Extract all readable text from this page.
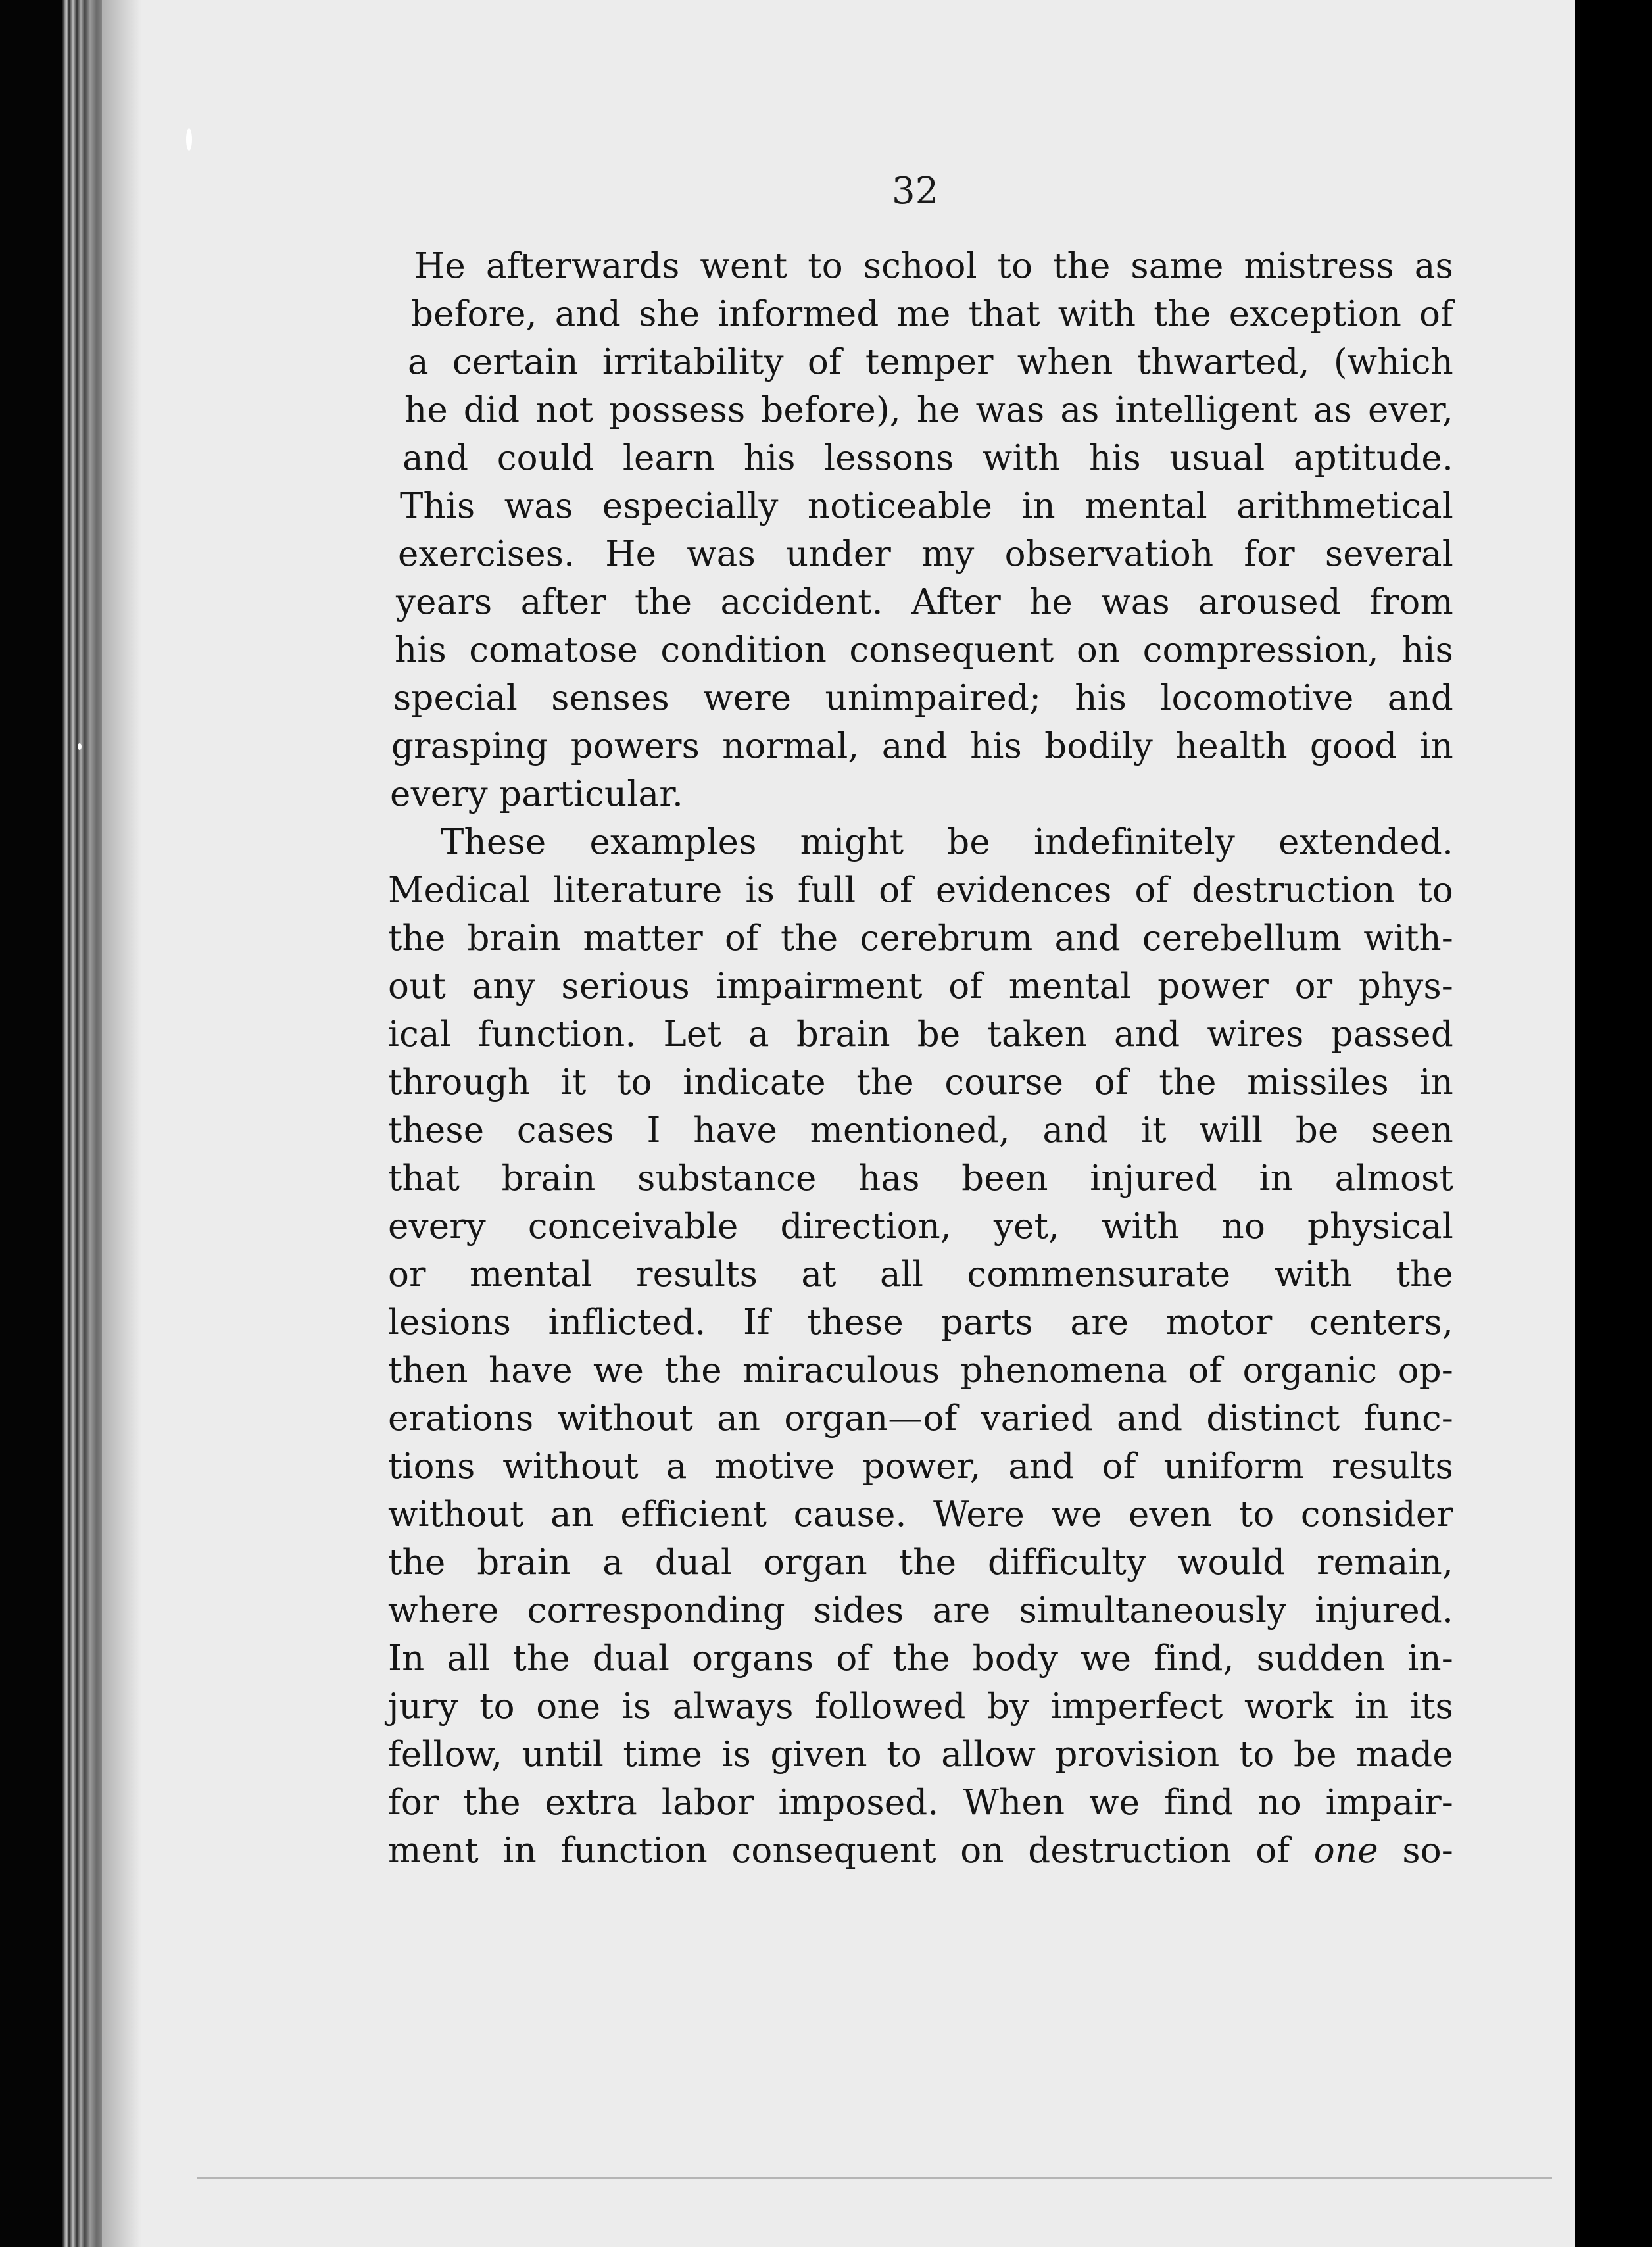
32
He afterwards went to school to the same mistress as
before, and she informed me that with the exception of
a certain irritability of temper when thwarted, (which
he did not possess before), he was as intelligent as ever,
and could learn his lessons with his usual aptitude.
This was especially noticeable in mental arithmetical
exercises. He was under my observatioh for several
years after the accident. After he was aroused from
his comatose condition consequent on compression, his
special senses were unimpaired; his locomotive and
grasping powers normal, and his bodily health good in
every particular.
These examples might be indefinitely extended.
Medical literature is full of evidences of destruction to
the brain matter of the cerebrum and cerebellum with-
out any serious impairment of mental power or phys-
ical function. Let a brain be taken and wires passed
through it to indicate the course of the missiles in
these cases I have mentioned, and it will be seen
that brain substance has been injured in almost
every conceivable direction, yet, with no physical
or mental results at all commensurate with the
lesions inflicted. If these parts are motor centers,
then have we the miraculous phenomena of organic op-
erations without an organ—of varied and distinct func-
tions without a motive power, and of uniform results
without an efficient cause. Were we even to consider
the brain a dual organ the difficulty would remain,
where corresponding sides are simultaneously injured.
In all the dual organs of the body we find, sudden in-
jury to one is always followed by imperfect work in its
fellow, until time is given to allow provision to be made
for the extra labor imposed. When we find no impair-
ment in function consequent on destruction of one so-
